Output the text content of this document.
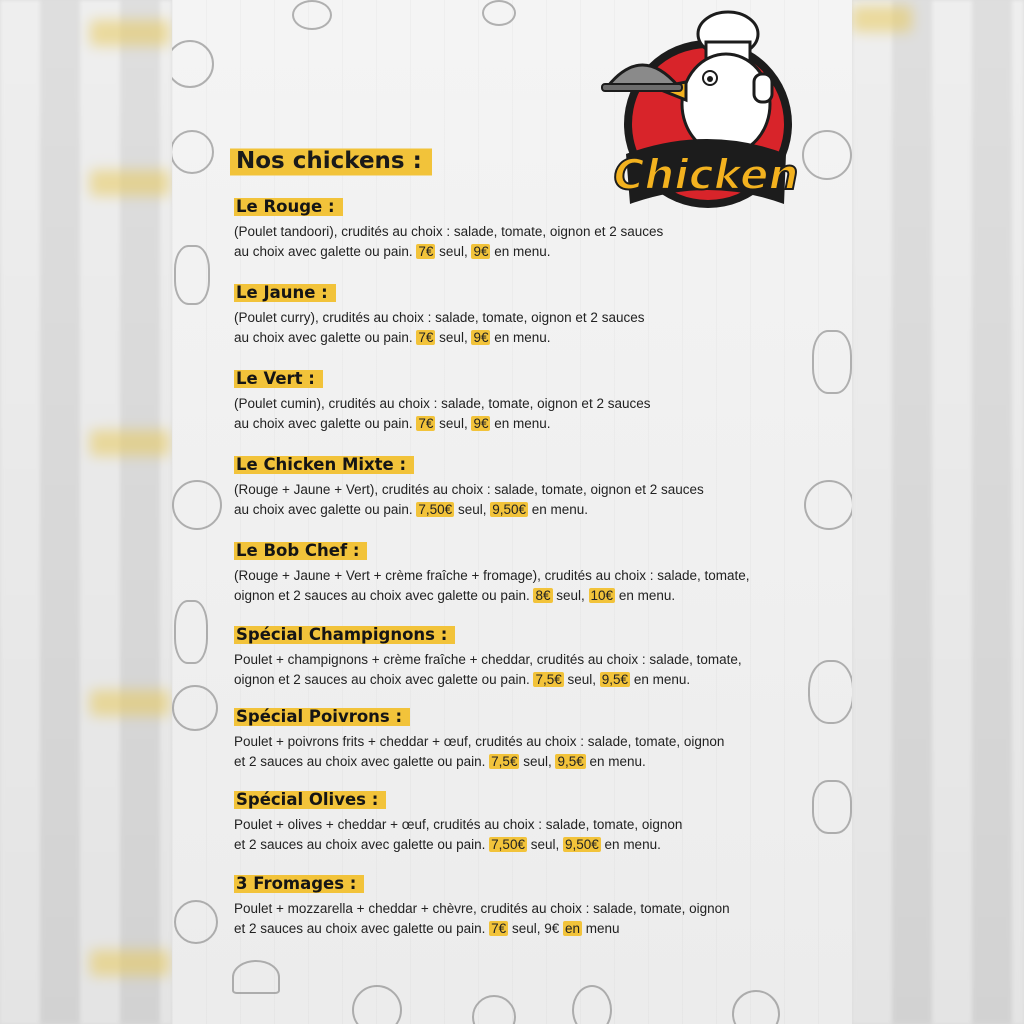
Chicken
Nos chickens :
Le Rouge :
(Poulet tandoori), crudités au choix : salade, tomate, oignon et 2 sauces
au choix avec galette ou pain. 7€ seul, 9€ en menu.
Le Jaune :
(Poulet curry), crudités au choix : salade, tomate, oignon et 2 sauces
au choix avec galette ou pain. 7€ seul, 9€ en menu.
Le Vert :
(Poulet cumin), crudités au choix : salade, tomate, oignon et 2 sauces
au choix avec galette ou pain. 7€ seul, 9€ en menu.
Le Chicken Mixte :
(Rouge + Jaune + Vert), crudités au choix : salade, tomate, oignon et 2 sauces
au choix avec galette ou pain. 7,50€ seul, 9,50€ en menu.
Le Bob Chef :
(Rouge + Jaune + Vert + crème fraîche + fromage), crudités au choix : salade, tomate,
oignon et 2 sauces au choix avec galette ou pain. 8€ seul, 10€ en menu.
Spécial Champignons :
Poulet + champignons + crème fraîche + cheddar, crudités au choix : salade, tomate,
oignon et 2 sauces au choix avec galette ou pain. 7,5€ seul, 9,5€ en menu.
Spécial Poivrons :
Poulet + poivrons frits + cheddar + œuf, crudités au choix : salade, tomate, oignon
et 2 sauces au choix avec galette ou pain. 7,5€ seul, 9,5€ en menu.
Spécial Olives :
Poulet + olives + cheddar + œuf, crudités au choix : salade, tomate, oignon
et 2 sauces au choix avec galette ou pain. 7,50€ seul, 9,50€ en menu.
3 Fromages :
Poulet + mozzarella + cheddar + chèvre, crudités au choix : salade, tomate, oignon
et 2 sauces au choix avec galette ou pain. 7€ seul, 9€ en menu
